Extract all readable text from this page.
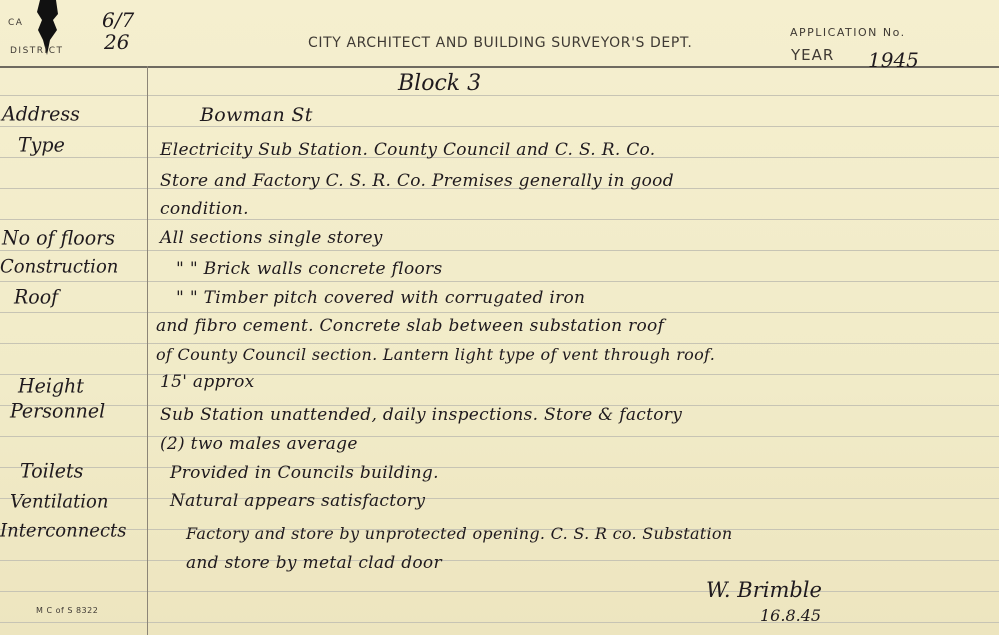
CA	6/7
DISTRICT 26	CITY ARCHITECT AND BUILDING SURVEYOR'S DEPT.
APPLICATION No.
YEAR 1945
Block 3
Address
Type
No of floors
Construction
Roof
Height
Personnel
Toilets
Ventilation
Interconnects
Bowman St
Electricity Sub Station. County Council and C. S. R. Co.
Store and Factory C. S. R. Co. Premises generally in good
condition.
All sections single storey
" " Brick walls concrete floors
" " Timber pitch covered with corrugated iron
and fibro cement. Concrete slab between substation roof
of County Council section. Lantern light type of vent through roof.
15' approx
Sub Station unattended, daily inspections. Store & factory
(2) two males average
Provided in Councils building.
Natural appears satisfactory
Factory and store by unprotected opening. C. S. R co. Substation
and store by metal clad door
W. Brimble
16.8.45
M C of S 8322
